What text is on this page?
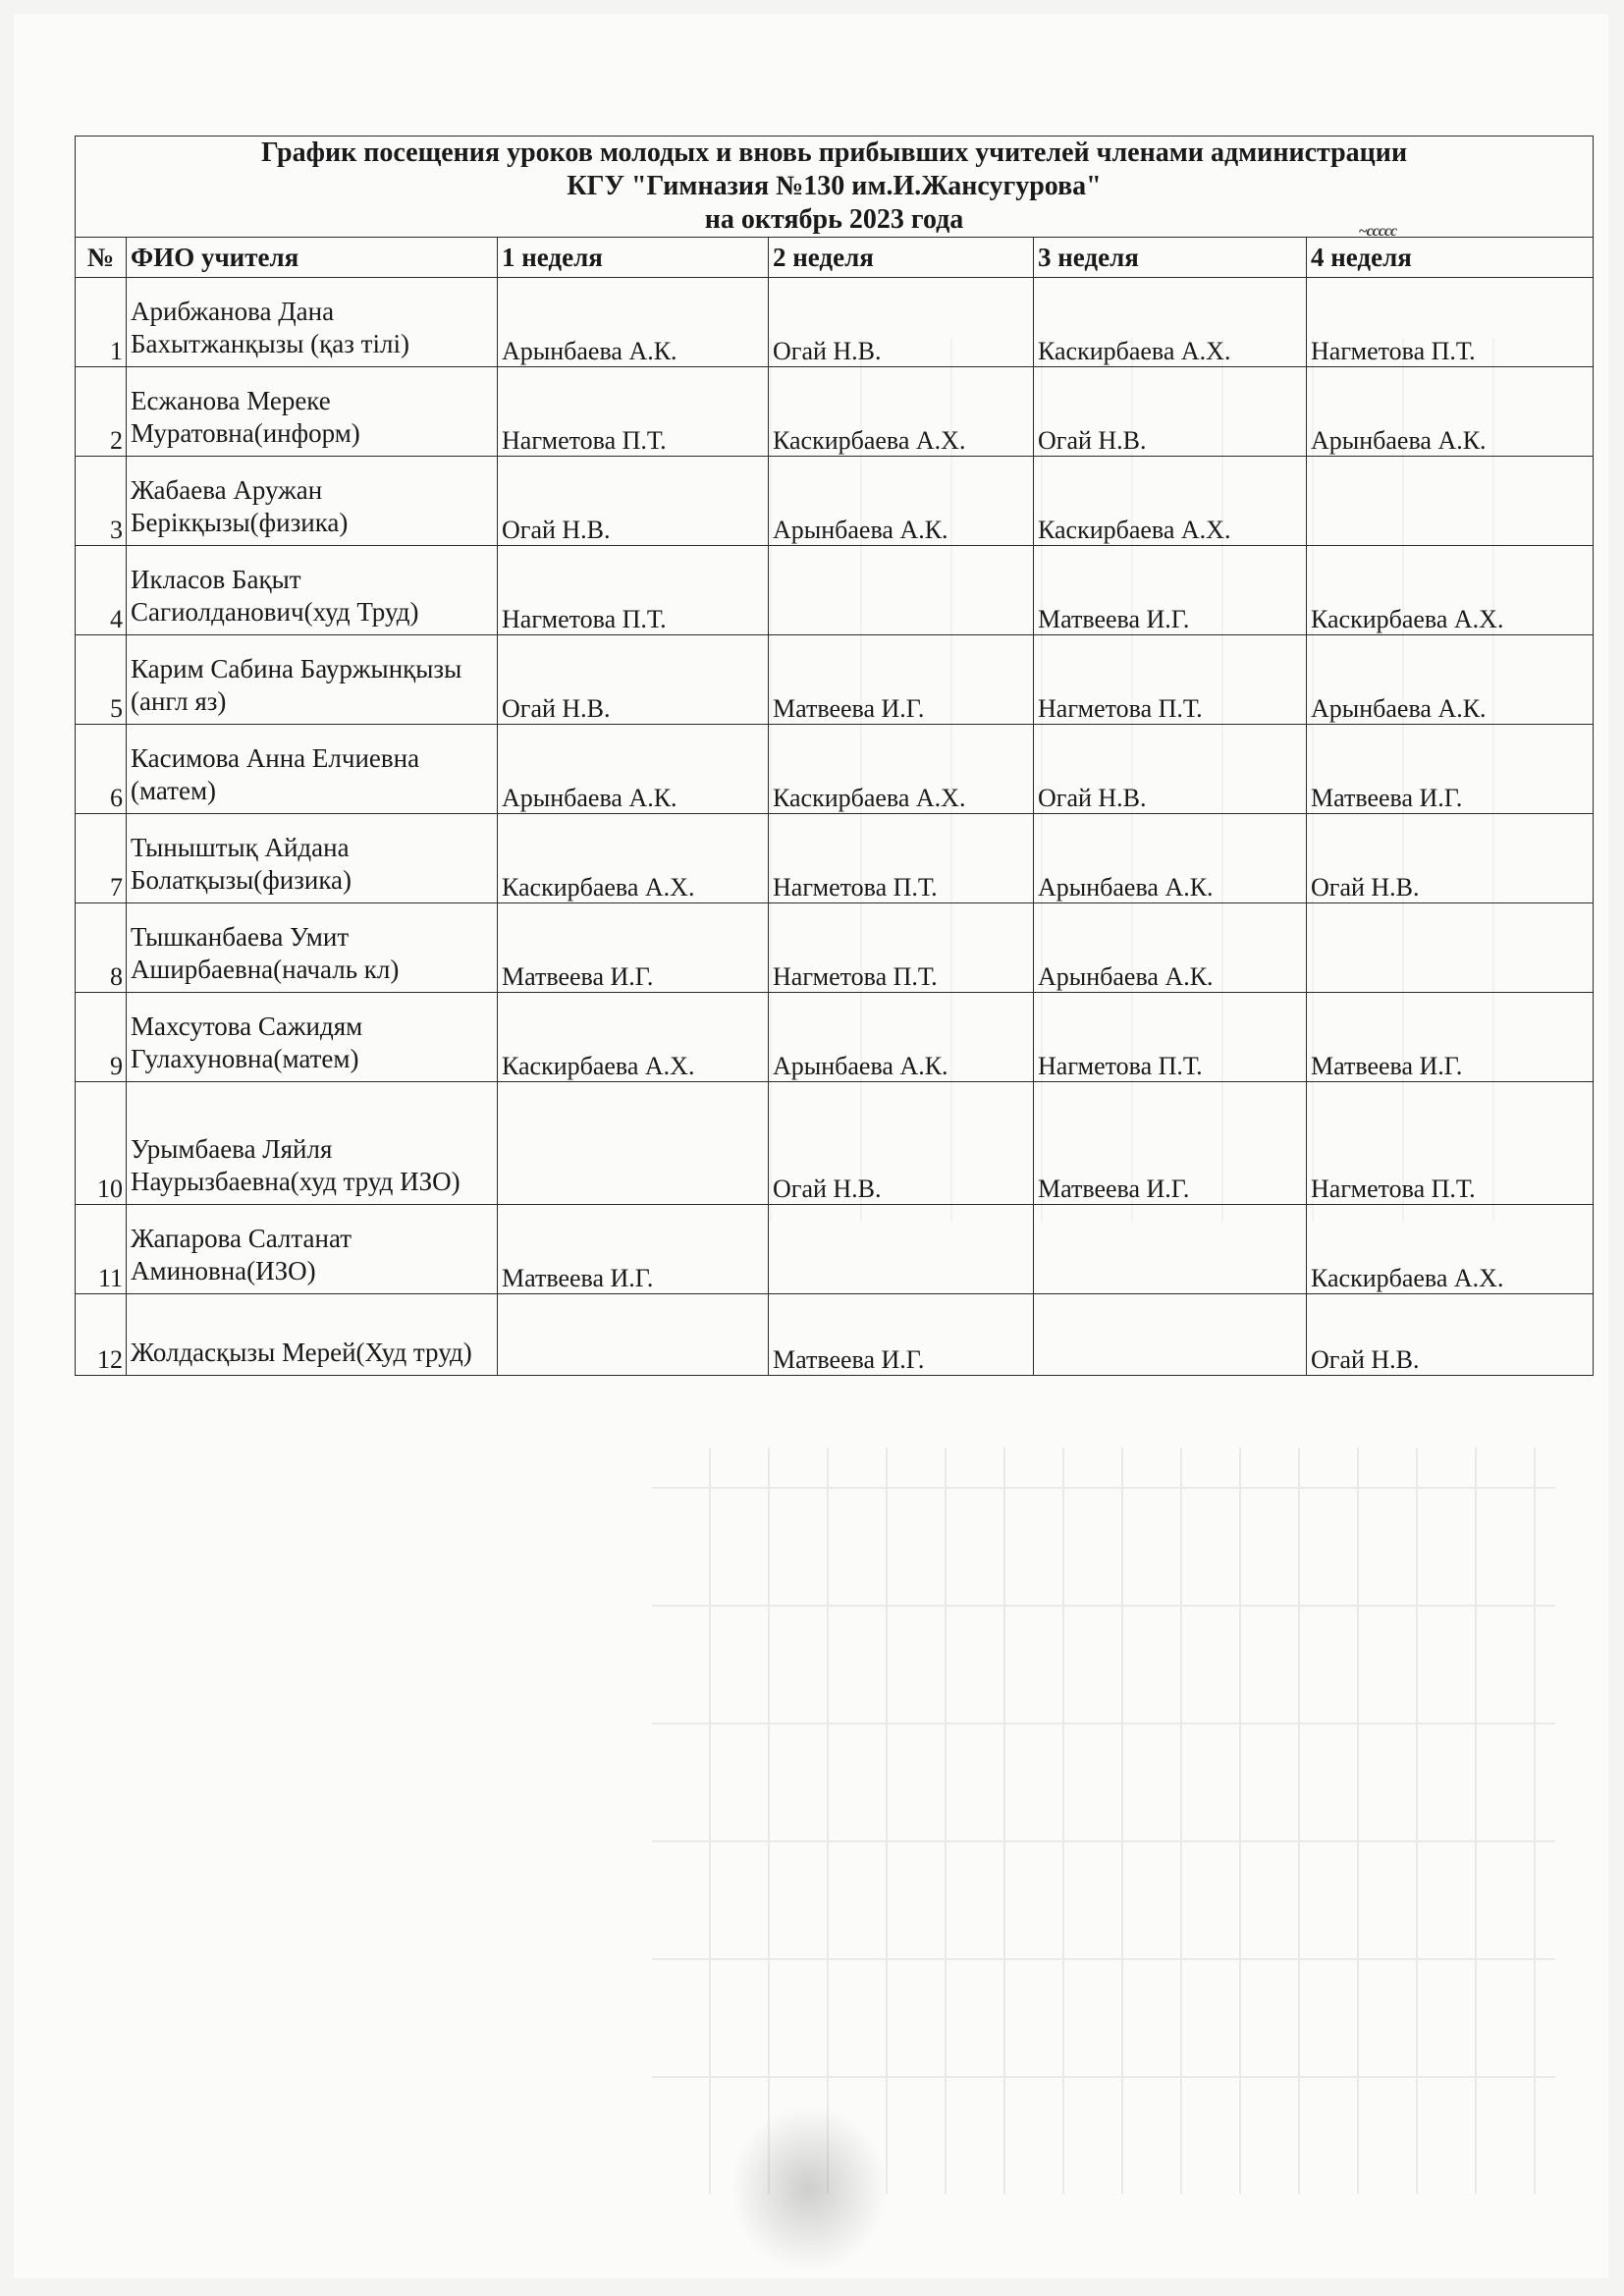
График посещения уроков молодых и вновь прибывших учителей членами администрации
КГУ "Гимназия №130 им.И.Жансугурова"
на октябрь 2023 года ~ccccc					

№	ФИО учителя	1 неделя	2 неделя	3 неделя	4 неделя
1	Арибжанова Дана Бахытжанқызы (қаз тілі)	Арынбаева А.К.	Огай Н.В.	Каскирбаева А.Х.	Нагметова П.Т.
2	Есжанова Мереке Муратовна(информ)	Нагметова П.Т.	Каскирбаева А.Х.	Огай Н.В.	Арынбаева А.К.
3	Жабаева Аружан Берікқызы(физика)	Огай Н.В.	Арынбаева А.К.	Каскирбаева А.Х.	
4	Икласов Бақыт Сагиолданович(худ Труд)	Нагметова П.Т.		Матвеева И.Г.	Каскирбаева А.Х.
5	Карим Сабина Бауржынқызы (англ яз)	Огай Н.В.	Матвеева И.Г.	Нагметова П.Т.	Арынбаева А.К.
6	Касимова Анна Елчиевна (матем)	Арынбаева А.К.	Каскирбаева А.Х.	Огай Н.В.	Матвеева И.Г.
7	Тыныштық Айдана Болатқызы(физика)	Каскирбаева А.Х.	Нагметова П.Т.	Арынбаева А.К.	Огай Н.В.
8	Тышканбаева Умит Аширбаевна(началь кл)	Матвеева И.Г.	Нагметова П.Т.	Арынбаева А.К.	
9	Махсутова Сажидям Гулахуновна(матем)	Каскирбаева А.Х.	Арынбаева А.К.	Нагметова П.Т.	Матвеева И.Г.
10	Урымбаева Ляйля Наурызбаевна(худ труд ИЗО)		Огай Н.В.	Матвеева И.Г.	Нагметова П.Т.
11	Жапарова Салтанат Аминовна(ИЗО)	Матвеева И.Г.			Каскирбаева А.Х.
12	Жолдасқызы Мерей(Худ труд)		Матвеева И.Г.		Огай Н.В.
